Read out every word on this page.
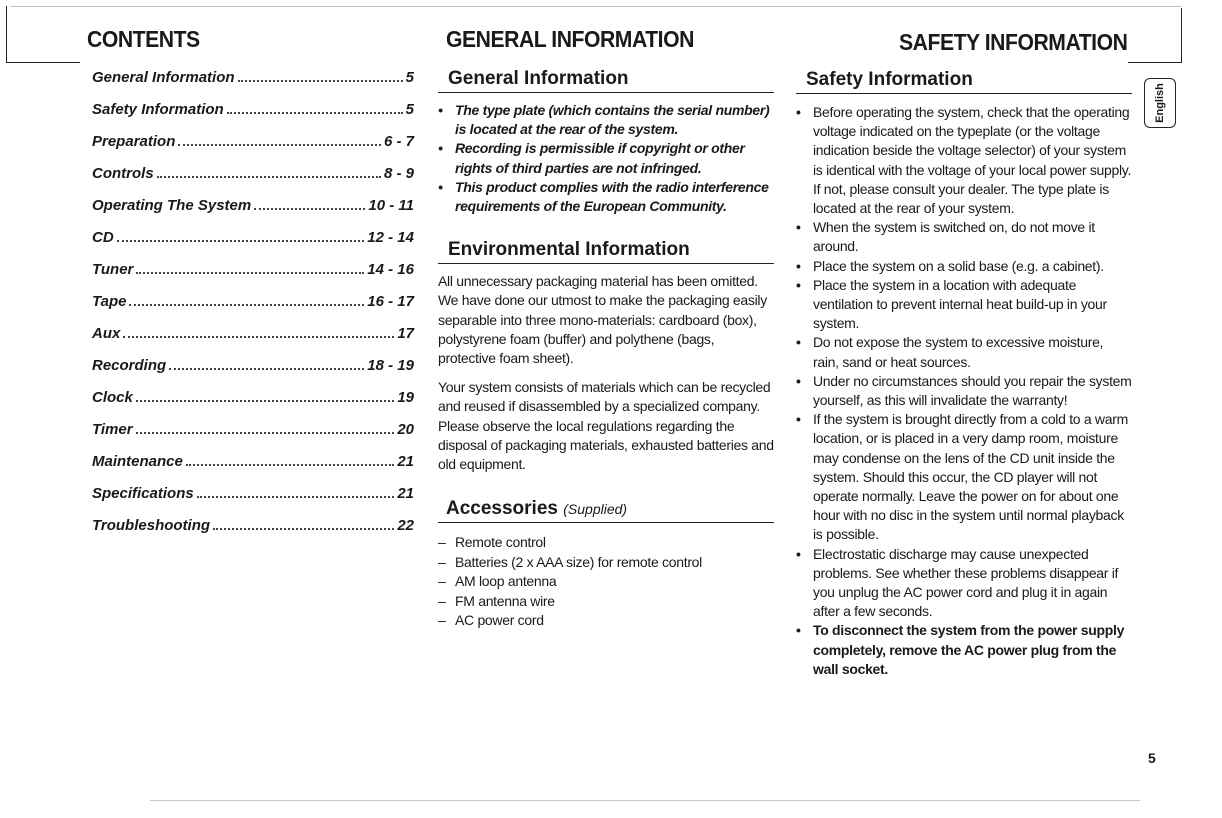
CONTENTS	GENERAL INFORMATION	SAFETY INFORMATION
General Information	5
Safety Information	5
Preparation	6 - 7
Controls	8 - 9
Operating The System	10 - 11
CD	12 - 14
Tuner	14 - 16
Tape	16 - 17
Aux	17
Recording	18 - 19
Clock	19
Timer	20
Maintenance	21
Specifications	21
Troubleshooting	22
General Information
• The type plate (which contains the serial number) is located at the rear of the system.
• Recording is permissible if copyright or other rights of third parties are not infringed.
• This product complies with the radio interference requirements of the European Community.
Environmental Information

All unnecessary packaging material has been omitted. We have done our utmost to make the packaging easily separable into three mono-materials: cardboard (box), polystyrene foam (buffer) and polythene (bags, protective foam sheet).

Your system consists of materials which can be recycled and reused if disassembled by a specialized company. Please observe the local regulations regarding the disposal of packaging materials, exhausted batteries and old equipment.

Accessories (Supplied)
– Remote control
– Batteries (2 x AAA size) for remote control
– AM loop antenna
– FM antenna wire
– AC power cord
Safety Information
• Before operating the system, check that the operating voltage indicated on the typeplate (or the voltage indication beside the voltage selector) of your system is identical with the voltage of your local power supply. If not, please consult your dealer. The type plate is located at the rear of your system.
• When the system is switched on, do not move it around.
• Place the system on a solid base (e.g. a cabinet).
• Place the system in a location with adequate ventilation to prevent internal heat build-up in your system.
• Do not expose the system to excessive moisture, rain, sand or heat sources.
• Under no circumstances should you repair the system yourself, as this will invalidate the warranty!
• If the system is brought directly from a cold to a warm location, or is placed in a very damp room, moisture may condense on the lens of the CD unit inside the system. Should this occur, the CD player will not operate normally. Leave the power on for about one hour with no disc in the system until normal playback is possible.
• Electrostatic discharge may cause unexpected problems. See whether these problems disappear if you unplug the AC power cord and plug it in again after a few seconds.
• To disconnect the system from the power supply completely, remove the AC power plug from the wall socket.
English
5
